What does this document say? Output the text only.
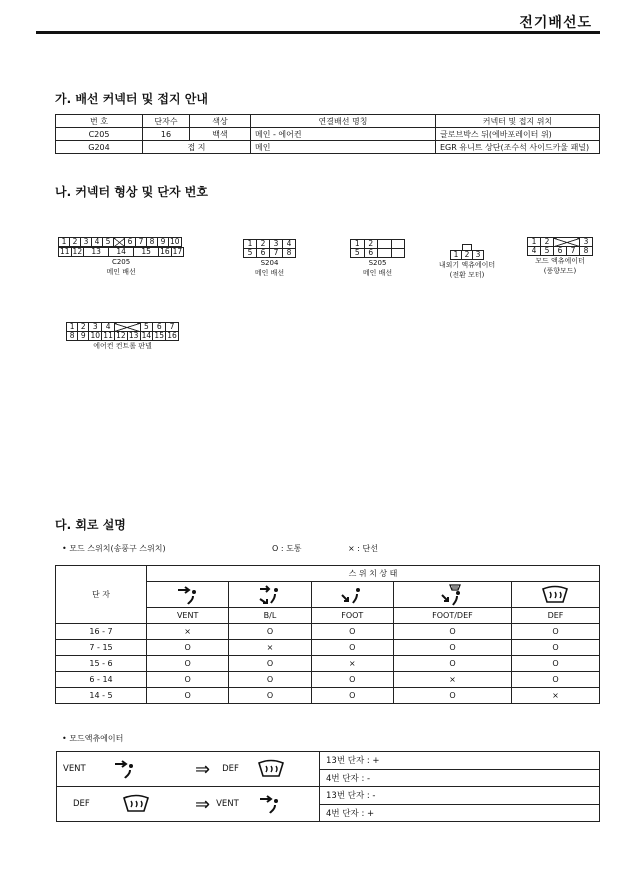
전기배선도
가. 배선 커넥터 및 접지 안내
번 호	단자수	색상	연결배선 명칭	커넥터 및 접지 위치
C205	16	백색	메인 - 에어컨	글로브박스 뒤(에바포레이터 위)
G204	접 지		메인	EGR 유니트 상단(조수석 사이드카울 패널)
나. 커넥터 형상 및 단자 번호
1	2	3	4	5		6	7	8	9	10
11	12	13	14	15	16	17
C205
메인 배선
1	2	3	4
5	6	7	8
S204
메인 배선
1	2		
5	6		
S205
메인 배선
1	2	3
내외기 액츄에이터
(전환 모터)
1	2			3
4	5	6	7	8
모드 액츄에이터
(풍향모드)
1	2	3	4			5	6	7
8	9	10	11	12	13	14	15	16
에어컨 컨트롤 판넬
다. 회로 설명
• 모드 스위치(송풍구 스위치)	O : 도통	× : 단선
단 자	스 위 치 상 태				

	VENT	B/L	FOOT	FOOT/DEF	DEF
16 - 7	×	O	O	O	O
7 - 15	O	×	O	O	O
15 - 6	O	O	×	O	O
6 - 14	O	O	O	×	O
14 - 5	O	O	O	O	×
• 모드액츄에이터
VENT ⇒ DEF	13번 단자 : +
	4번 단자 : -

DEF ⇒ VENT	13번 단자 : -
	4번 단자 : +
